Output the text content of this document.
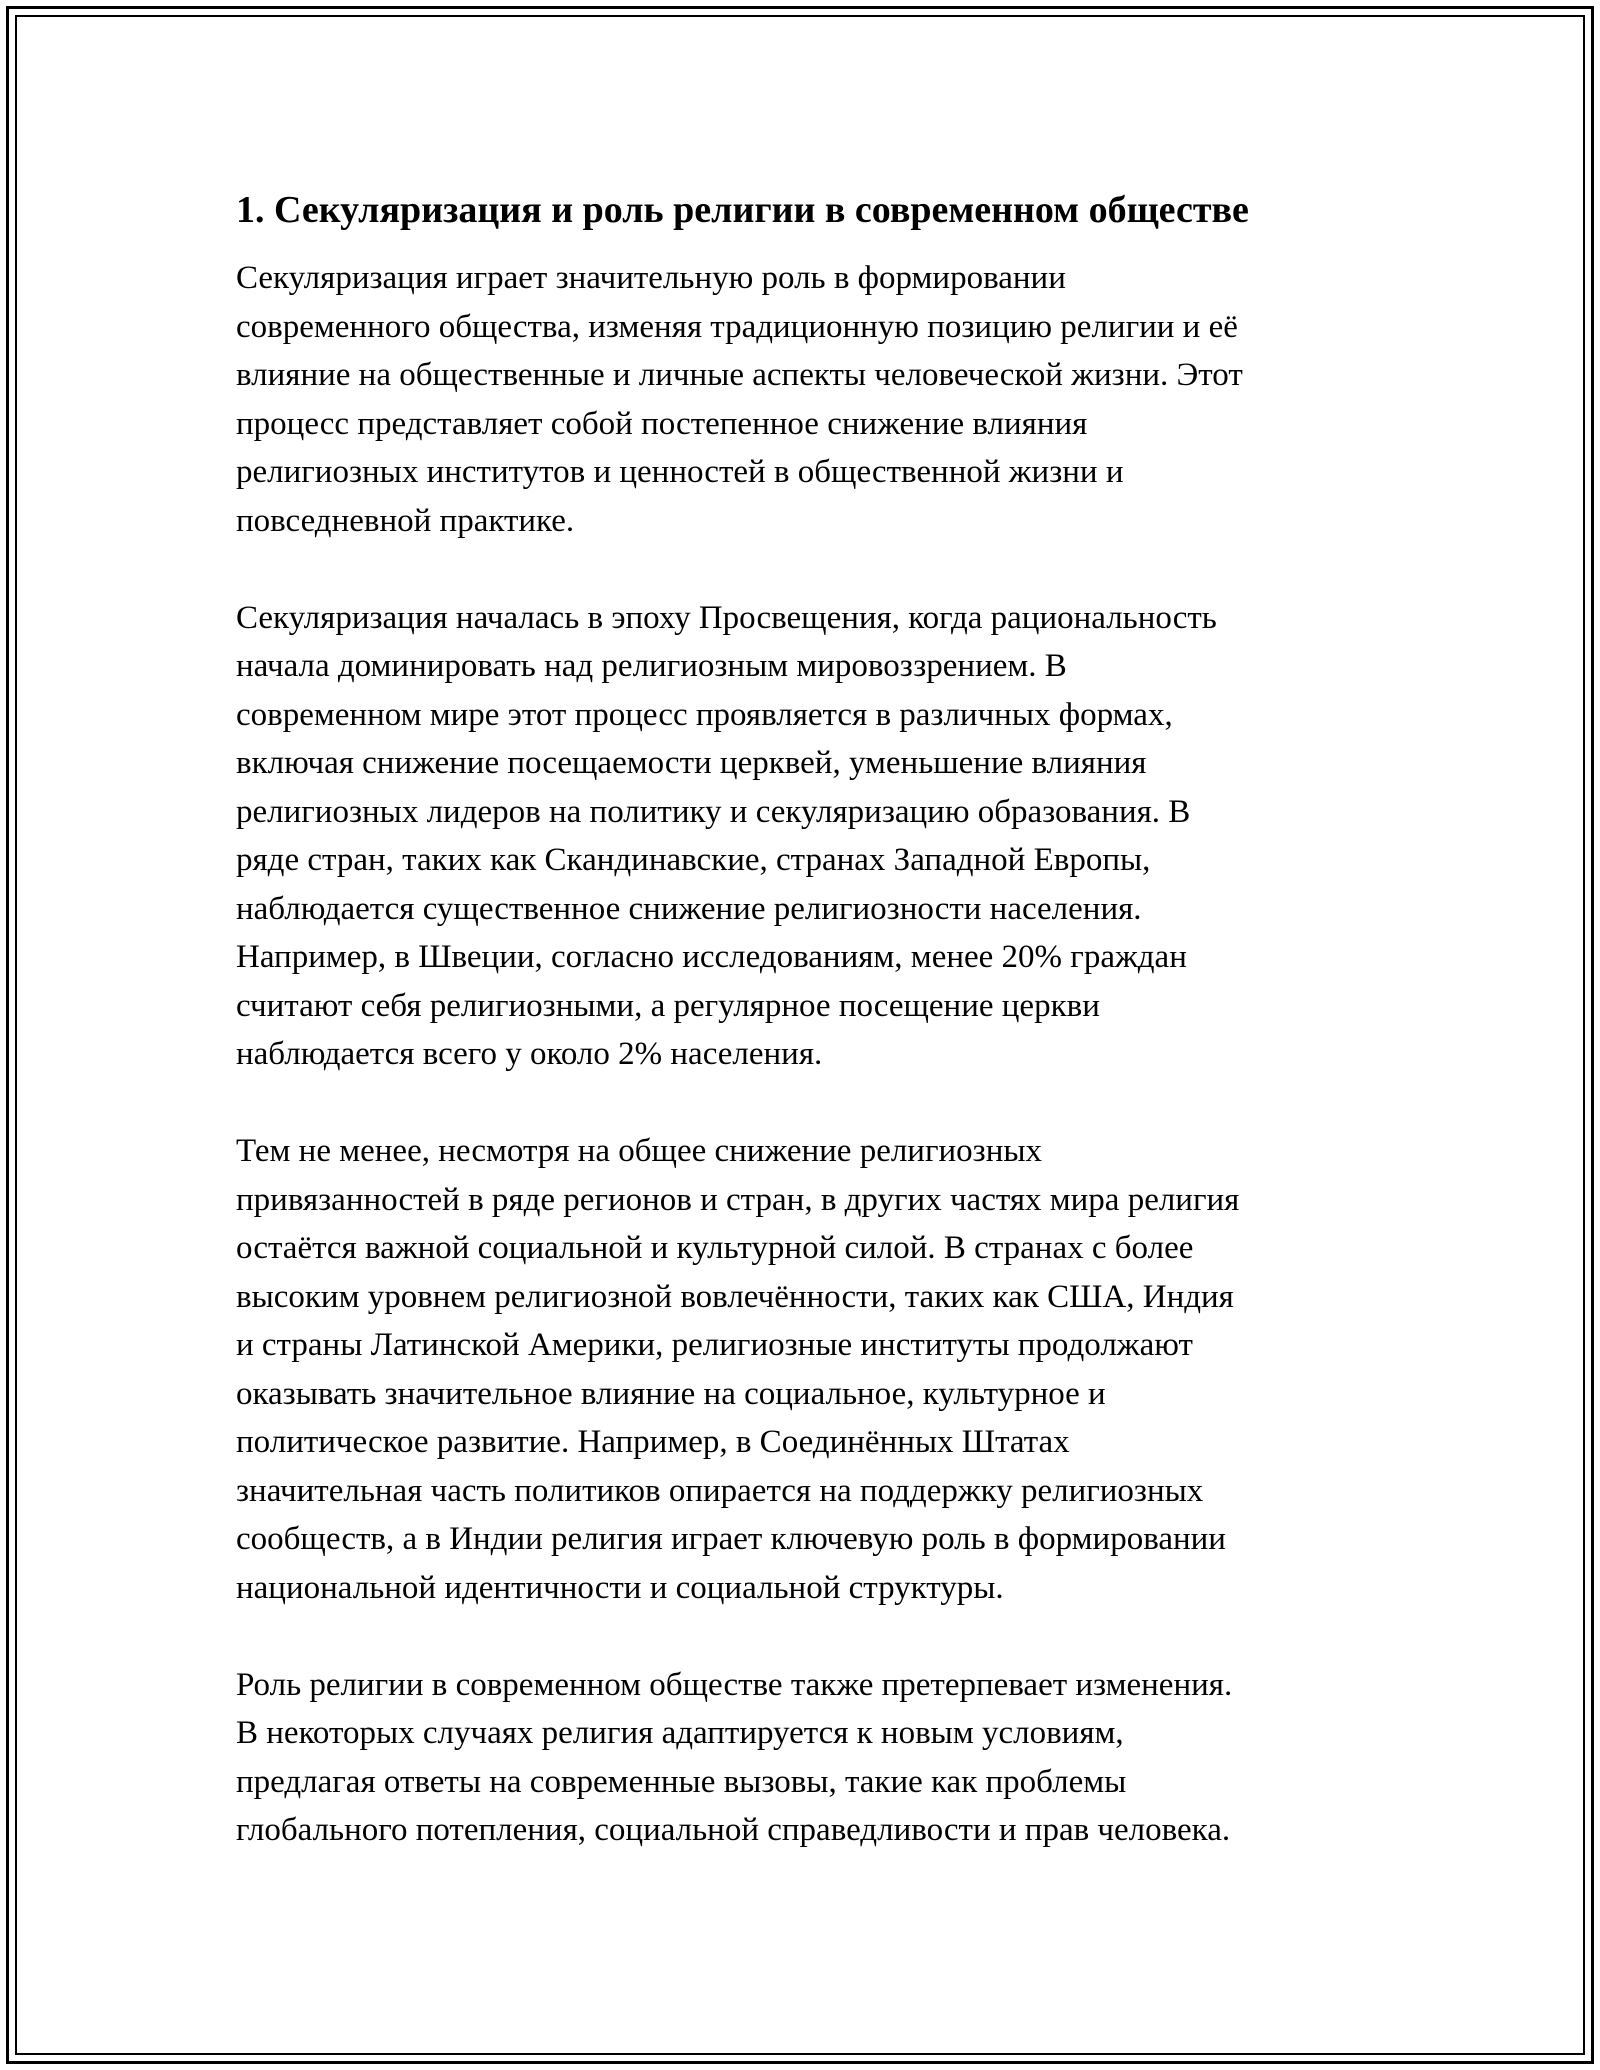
1. Секуляризация и роль религии в современном обществе

Секуляризация играет значительную роль в формировании
современного общества, изменяя традиционную позицию религии и её
влияние на общественные и личные аспекты человеческой жизни. Этот
процесс представляет собой постепенное снижение влияния
религиозных институтов и ценностей в общественной жизни и
повседневной практике.

Секуляризация началась в эпоху Просвещения, когда рациональность
начала доминировать над религиозным мировоззрением. В
современном мире этот процесс проявляется в различных формах,
включая снижение посещаемости церквей, уменьшение влияния
религиозных лидеров на политику и секуляризацию образования. В
ряде стран, таких как Скандинавские, странах Западной Европы,
наблюдается существенное снижение религиозности населения.
Например, в Швеции, согласно исследованиям, менее 20% граждан
считают себя религиозными, а регулярное посещение церкви
наблюдается всего у около 2% населения.

Тем не менее, несмотря на общее снижение религиозных
привязанностей в ряде регионов и стран, в других частях мира религия
остаётся важной социальной и культурной силой. В странах с более
высоким уровнем религиозной вовлечённости, таких как США, Индия
и страны Латинской Америки, религиозные институты продолжают
оказывать значительное влияние на социальное, культурное и
политическое развитие. Например, в Соединённых Штатах
значительная часть политиков опирается на поддержку религиозных
сообществ, а в Индии религия играет ключевую роль в формировании
национальной идентичности и социальной структуры.

Роль религии в современном обществе также претерпевает изменения.
В некоторых случаях религия адаптируется к новым условиям,
предлагая ответы на современные вызовы, такие как проблемы
глобального потепления, социальной справедливости и прав человека.
